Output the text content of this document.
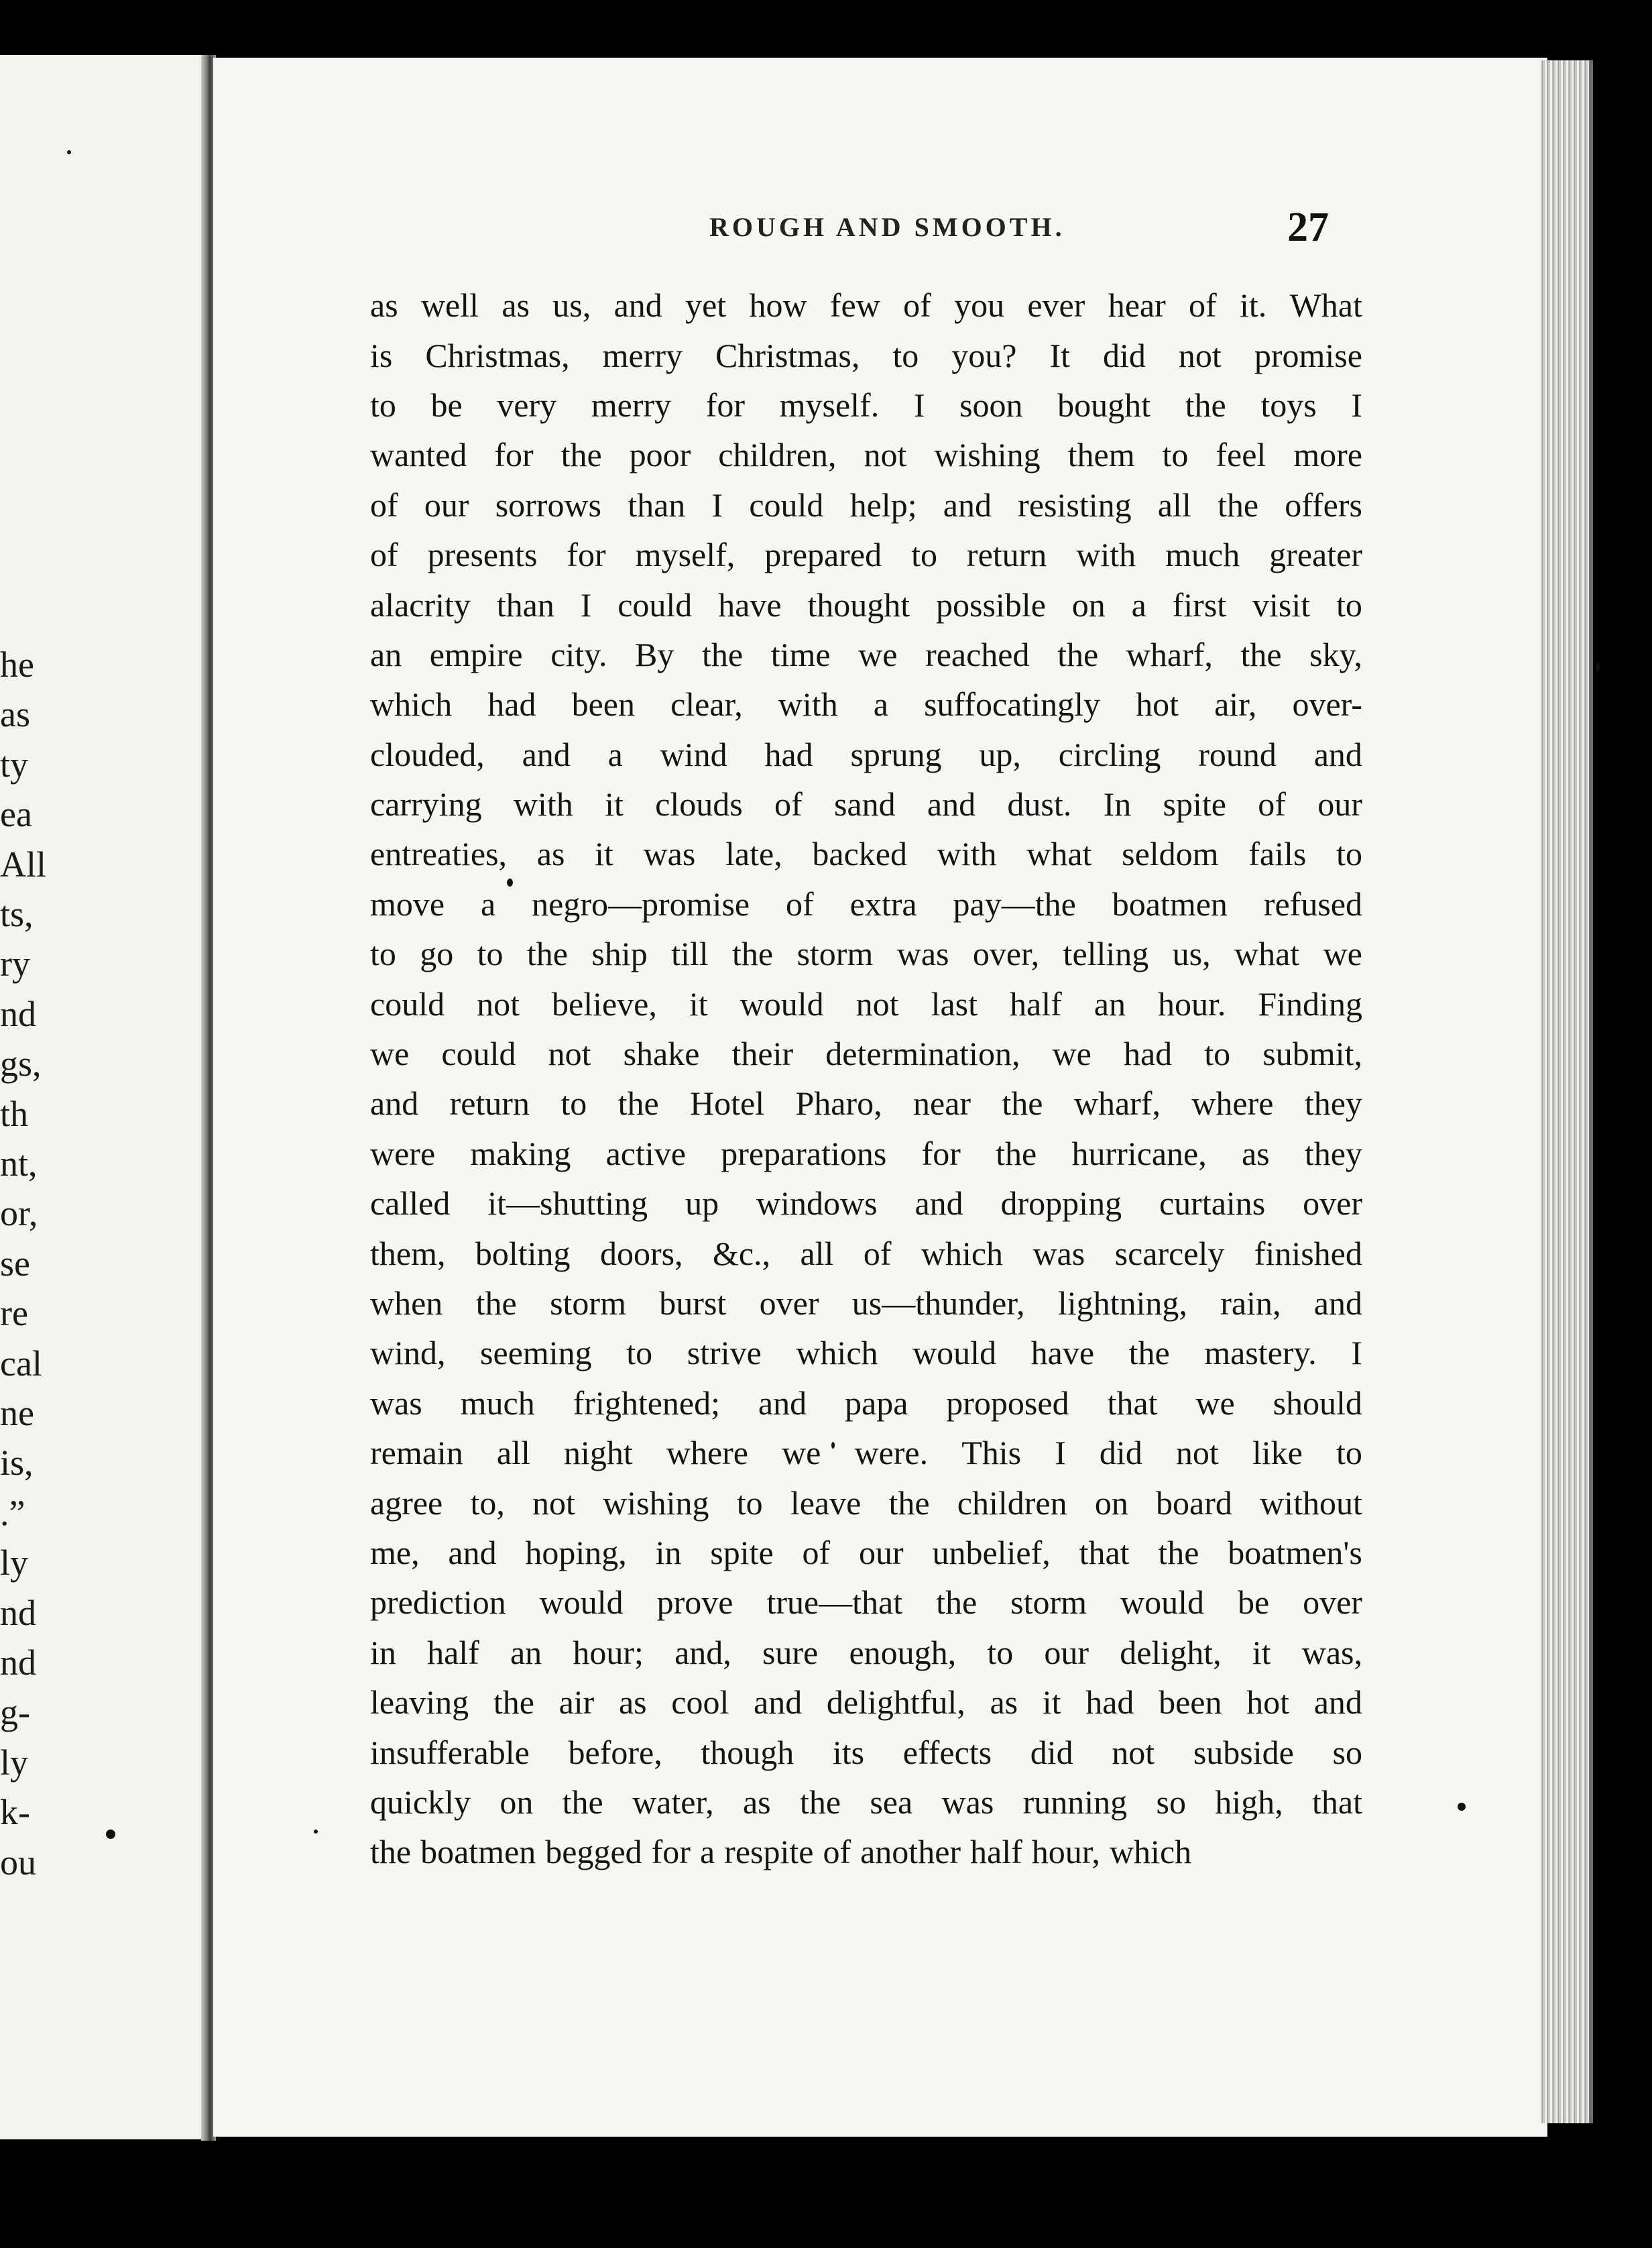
he
as
ty
ea
All
ts,
ry
nd
gs,
th
nt,
or,
se
re
cal
ne
is,
.”
ly
nd
nd
g-
ly
k-
ou
ROUGH AND SMOOTH.	27
as well as us, and yet how few of you ever hear of it. What
is Christmas, merry Christmas, to you? It did not promise
to be very merry for myself. I soon bought the toys I
wanted for the poor children, not wishing them to feel more
of our sorrows than I could help; and resisting all the offers
of presents for myself, prepared to return with much greater
alacrity than I could have thought possible on a first visit to
an empire city. By the time we reached the wharf, the sky,
which had been clear, with a suffocatingly hot air, over-
clouded, and a wind had sprung up, circling round and
carrying with it clouds of sand and dust. In spite of our
entreaties, as it was late, backed with what seldom fails to
move a negro—promise of extra pay—the boatmen refused
to go to the ship till the storm was over, telling us, what we
could not believe, it would not last half an hour. Finding
we could not shake their determination, we had to submit,
and return to the Hotel Pharo, near the wharf, where they
were making active preparations for the hurricane, as they
called it—shutting up windows and dropping curtains over
them, bolting doors, &c., all of which was scarcely finished
when the storm burst over us—thunder, lightning, rain, and
wind, seeming to strive which would have the mastery. I
was much frightened; and papa proposed that we should
remain all night where we were. This I did not like to
agree to, not wishing to leave the children on board without
me, and hoping, in spite of our unbelief, that the boatmen's
prediction would prove true—that the storm would be over
in half an hour; and, sure enough, to our delight, it was,
leaving the air as cool and delightful, as it had been hot and
insufferable before, though its effects did not subside so
quickly on the water, as the sea was running so high, that
the boatmen begged for a respite of another half hour, which
